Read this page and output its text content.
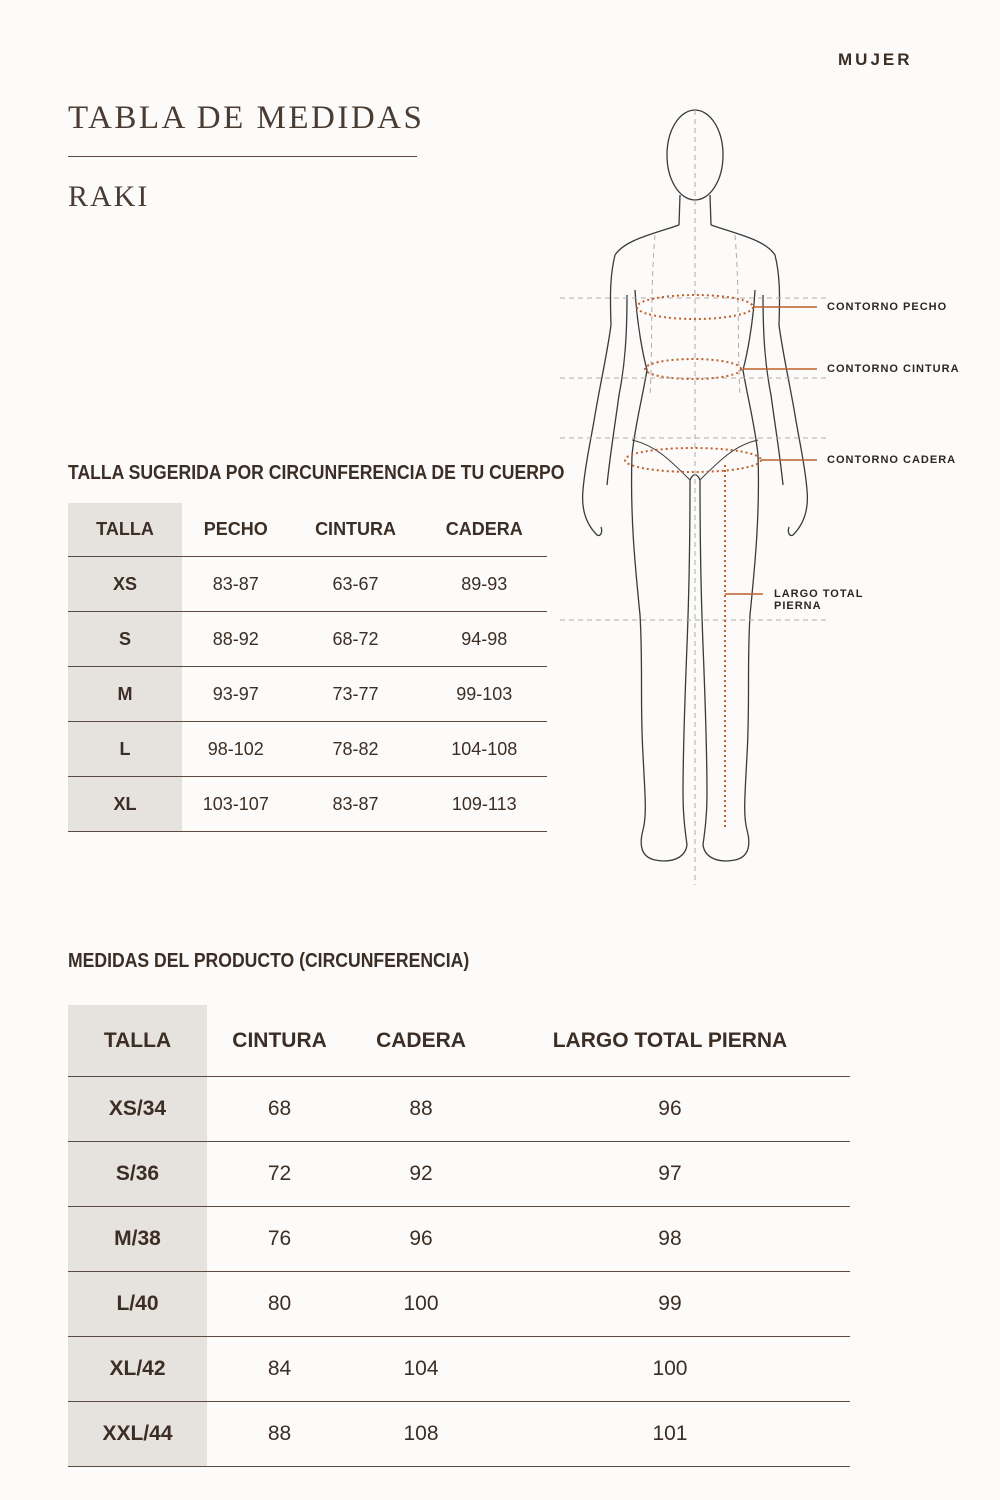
MUJER
TABLA DE MEDIDAS
RAKI
CONTORNO PECHO
CONTORNO CINTURA
CONTORNO CADERA
LARGO TOTAL
PIERNA
TALLA SUGERIDA POR CIRCUNFERENCIA DE TU CUERPO
TALLA	PECHO	CINTURA	CADERA
XS	83-87	63-67	89-93
S	88-92	68-72	94-98
M	93-97	73-77	99-103
L	98-102	78-82	104-108
XL	103-107	83-87	109-113
MEDIDAS DEL PRODUCTO (CIRCUNFERENCIA)
TALLA	CINTURA	CADERA	LARGO TOTAL PIERNA
XS/34	68	88	96
S/36	72	92	97
M/38	76	96	98
L/40	80	100	99
XL/42	84	104	100
XXL/44	88	108	101
